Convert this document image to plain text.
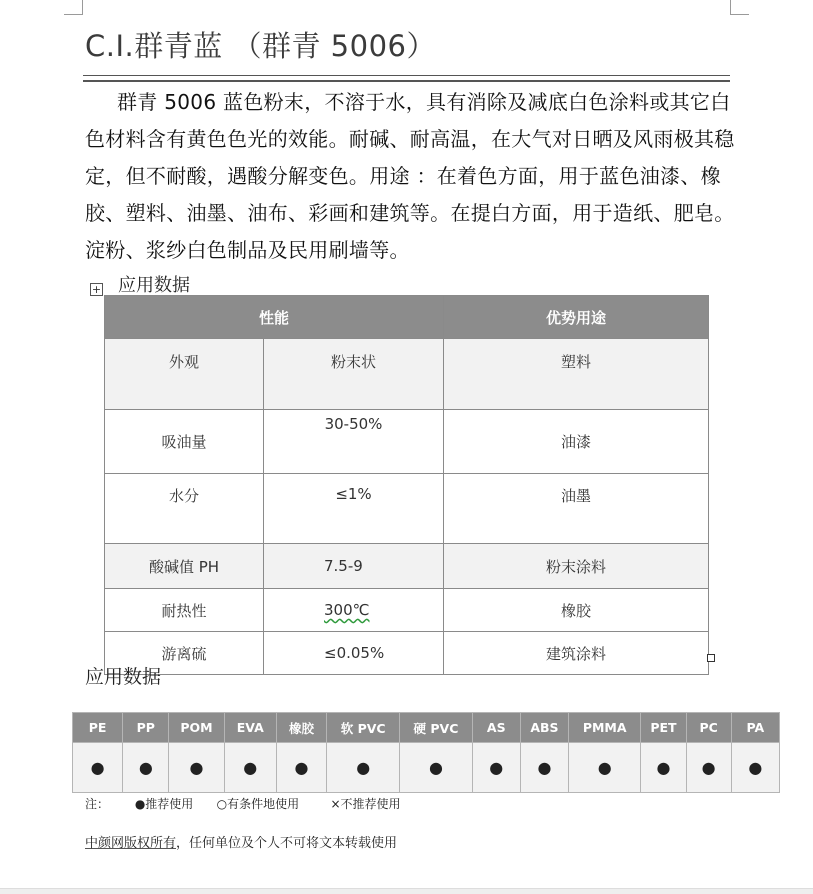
C.I.群青蓝 （群青 5006）

群青 5006 蓝色粉末，不溶于水，具有消除及减底白色涂料或其它白色材料含有黄色色光的效能。耐碱、耐高温，在大气对日晒及风雨极其稳定，但不耐酸，遇酸分解变色。用途 ：在着色方面，用于蓝色油漆、橡胶、塑料、油墨、油布、彩画和建筑等。在提白方面，用于造纸、肥皂。淀粉、浆纱白色制品及民用刷墙等。

+ 应用数据
性能		优势用途
外观	粉末状	塑料
吸油量	30-50%	油漆
水分	≤1%	油墨
酸碱值 PH	7.5-9	粉末涂料
耐热性	300℃	橡胶
游离硫	≤0.05%	建筑涂料
应用数据
PE	PP	POM	EVA	橡胶	软 PVC	硬 PVC	AS	ABS	PMMA	PET	PC	PA
●	●	●	●	●	●	●	●	●	●	●	●	●
注： ●推荐使用 ○有条件地使用	×不推荐使用
中颜网版权所有，任何单位及个人不可将文本转载使用
